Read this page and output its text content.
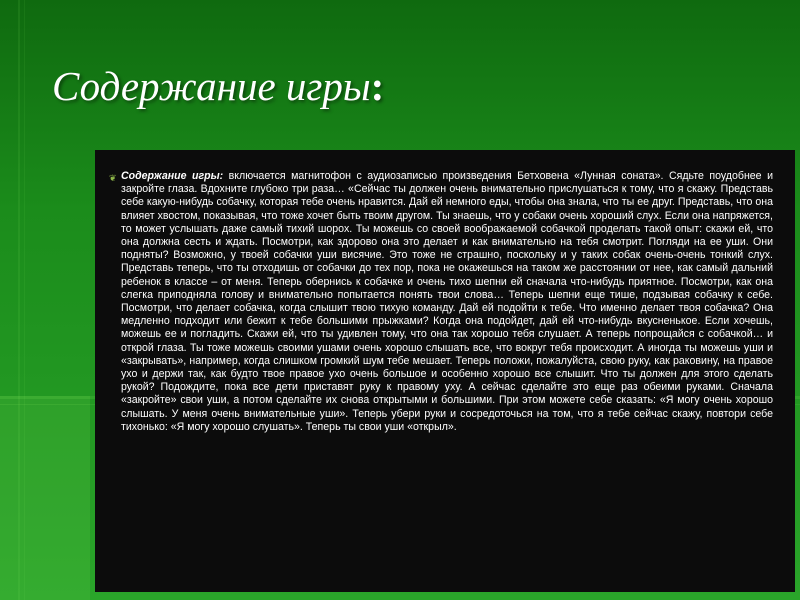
Содержание игры:
❦ Содержание игры: включается магнитофон с аудиозаписью произведения Бетховена «Лунная соната». Сядьте поудобнее и закройте глаза. Вдохните глубоко три раза… «Сейчас ты должен очень внимательно прислушаться к тому, что я скажу. Представь себе какую-нибудь собачку, которая тебе очень нравится. Дай ей немного еды, чтобы она знала, что ты ее друг. Представь, что она влияет хвостом, показывая, что тоже хочет быть твоим другом. Ты знаешь, что у собаки очень хороший слух. Если она напряжется, то может услышать даже самый тихий шорох. Ты можешь со своей воображаемой собачкой проделать такой опыт: скажи ей, что она должна сесть и ждать. Посмотри, как здорово она это делает и как внимательно на тебя смотрит. Погляди на ее уши. Они подняты? Возможно, у твоей собачки уши висячие. Это тоже не страшно, поскольку и у таких собак очень-очень тонкий слух. Представь теперь, что ты отходишь от собачки до тех пор, пока не окажешься на таком же расстоянии от нее, как самый дальний ребенок в классе – от меня. Теперь обернись к собачке и очень тихо шепни ей сначала что-нибудь приятное. Посмотри, как она слегка приподняла голову и внимательно попытается понять твои слова… Теперь шепни еще тише, подзывая собачку к себе. Посмотри, что делает собачка, когда слышит твою тихую команду. Дай ей подойти к тебе. Что именно делает твоя собачка? Она медленно подходит или бежит к тебе большими прыжками? Когда она подойдет, дай ей что-нибудь вкусненькое. Если хочешь, можешь ее и погладить. Скажи ей, что ты удивлен тому, что она так хорошо тебя слушает. А теперь попрощайся с собачкой… и открой глаза. Ты тоже можешь своими ушами очень хорошо слышать все, что вокруг тебя происходит. А иногда ты можешь уши и «закрывать», например, когда слишком громкий шум тебе мешает. Теперь положи, пожалуйста, свою руку, как раковину, на правое ухо и держи так, как будто твое правое ухо очень большое и особенно хорошо все слышит. Что ты должен для этого сделать рукой? Подождите, пока все дети приставят руку к правому уху. А сейчас сделайте это еще раз обеими руками. Сначала «закройте» свои уши, а потом сделайте их снова открытыми и большими. При этом можете себе сказать: «Я могу очень хорошо слышать. У меня очень внимательные уши». Теперь убери руки и сосредоточься на том, что я тебе сейчас скажу, повтори себе тихонько: «Я могу хорошо слушать». Теперь ты свои уши «открыл».
